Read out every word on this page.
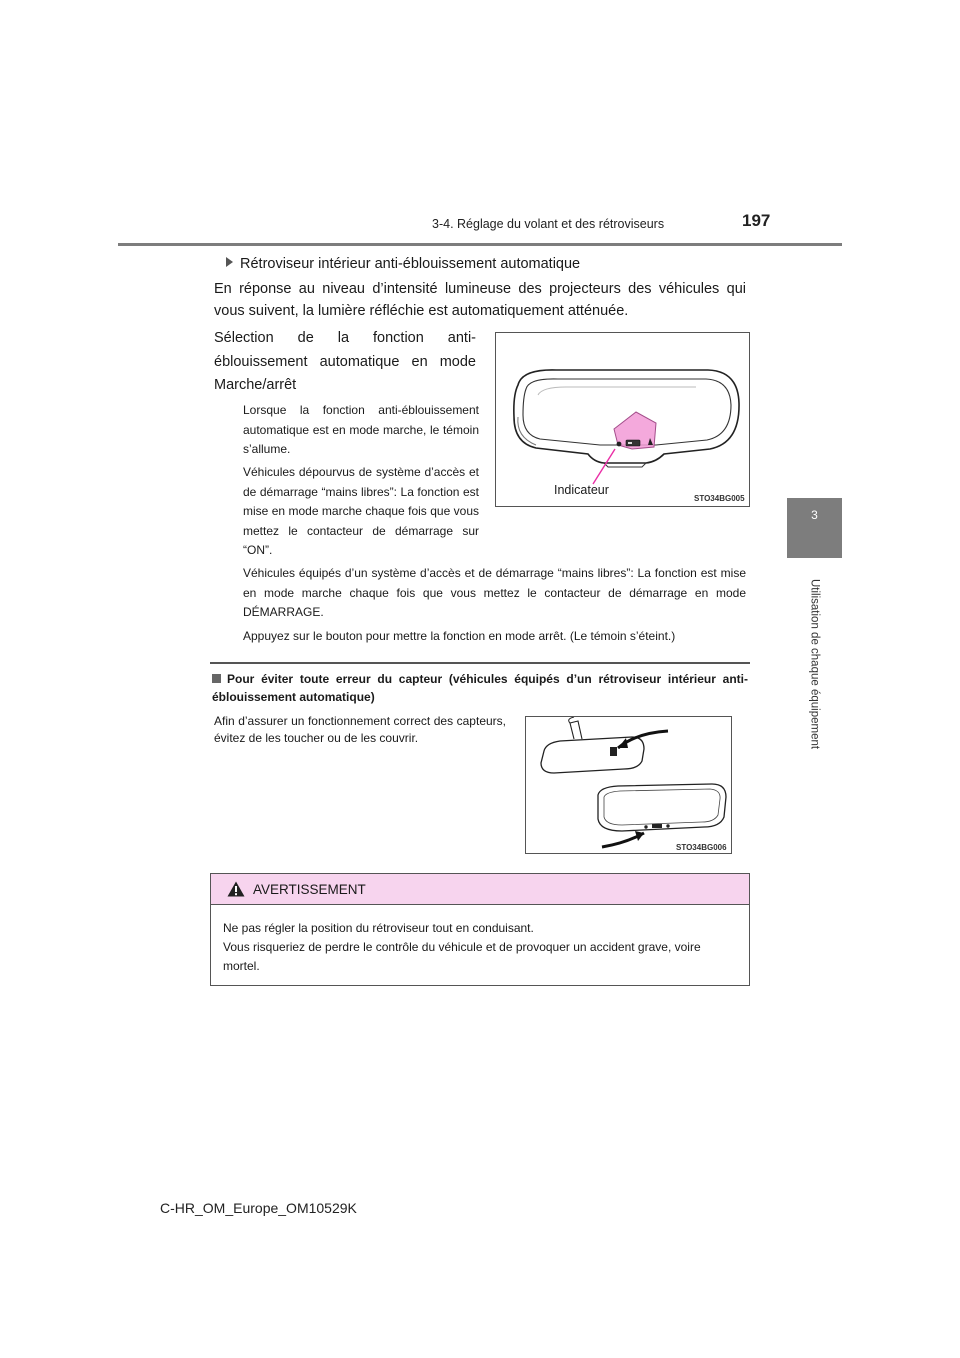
3-4. Réglage du volant et des rétroviseurs	197
3
Utilisation de chaque équipement
Rétroviseur intérieur anti-éblouissement automatique

En réponse au niveau d’intensité lumineuse des projecteurs des véhicules qui vous suivent, la lumière réfléchie est automatiquement atténuée.

Sélection de la fonction anti-éblouissement automatique en mode Marche/arrêt

Lorsque la fonction anti-éblouissement automatique est en mode marche, le témoin s’allume.

Véhicules dépourvus de système d’accès et de démarrage “mains libres”: La fonction est mise en mode marche chaque fois que vous mettez le contacteur de démarrage sur “ON”.

Indicateur
STO34BG005

Véhicules équipés d’un système d’accès et de démarrage “mains libres”: La fonction est mise en mode marche chaque fois que vous mettez le contacteur de démarrage en mode DÉMARRAGE.

Appuyez sur le bouton pour mettre la fonction en mode arrêt. (Le témoin s’éteint.)

Pour éviter toute erreur du capteur (véhicules équipés d’un rétroviseur intérieur anti-éblouissement automatique)

Afin d’assurer un fonctionnement correct des capteurs, évitez de les toucher ou de les couvrir.

STO34BG006
AVERTISSEMENT
Ne pas régler la position du rétroviseur tout en conduisant.
Vous risqueriez de perdre le contrôle du véhicule et de provoquer un accident grave, voire mortel.
C-HR_OM_Europe_OM10529K
